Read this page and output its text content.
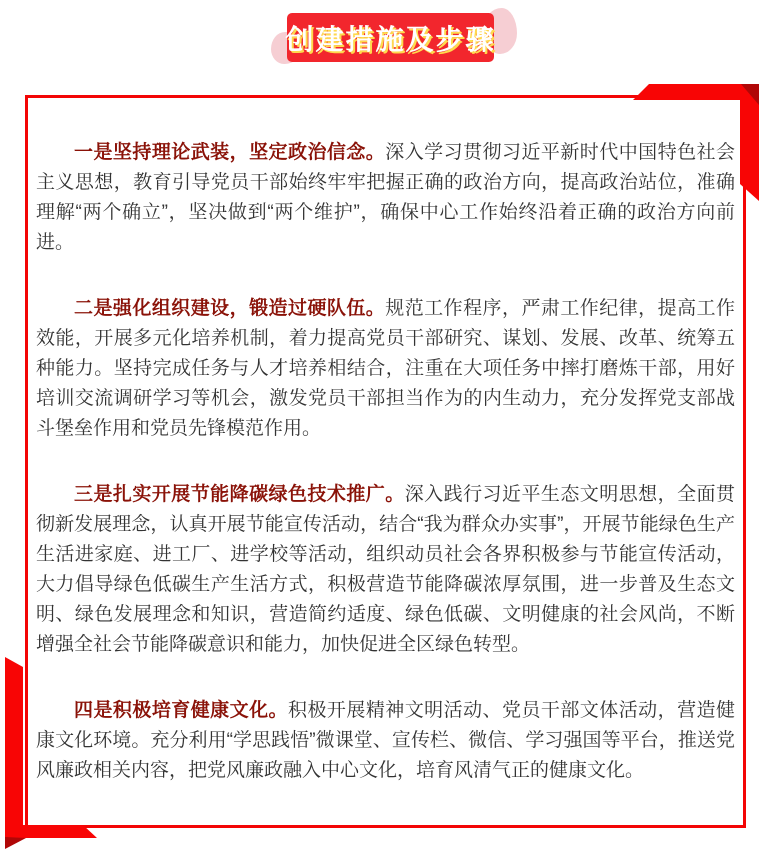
创建措施及步骤

一是坚持理论武装，坚定政治信念。深入学习贯彻习近平新时代中国特色社会主义思想，教育引导党员干部始终牢牢把握正确的政治方向，提高政治站位，准确理解“两个确立”，坚决做到“两个维护”，确保中心工作始终沿着正确的政治方向前进。

二是强化组织建设，锻造过硬队伍。规范工作程序，严肃工作纪律，提高工作效能，开展多元化培养机制，着力提高党员干部研究、谋划、发展、改革、统筹五种能力。坚持完成任务与人才培养相结合，注重在大项任务中摔打磨炼干部，用好培训交流调研学习等机会，激发党员干部担当作为的内生动力，充分发挥党支部战斗堡垒作用和党员先锋模范作用。

三是扎实开展节能降碳绿色技术推广。深入践行习近平生态文明思想，全面贯彻新发展理念，认真开展节能宣传活动，结合“我为群众办实事”，开展节能绿色生产生活进家庭、进工厂、进学校等活动，组织动员社会各界积极参与节能宣传活动，大力倡导绿色低碳生产生活方式，积极营造节能降碳浓厚氛围，进一步普及生态文明、绿色发展理念和知识，营造简约适度、绿色低碳、文明健康的社会风尚，不断增强全社会节能降碳意识和能力，加快促进全区绿色转型。

四是积极培育健康文化。积极开展精神文明活动、党员干部文体活动，营造健康文化环境。充分利用“学思践悟”微课堂、宣传栏、微信、学习强国等平台，推送党风廉政相关内容，把党风廉政融入中心文化，培育风清气正的健康文化。
